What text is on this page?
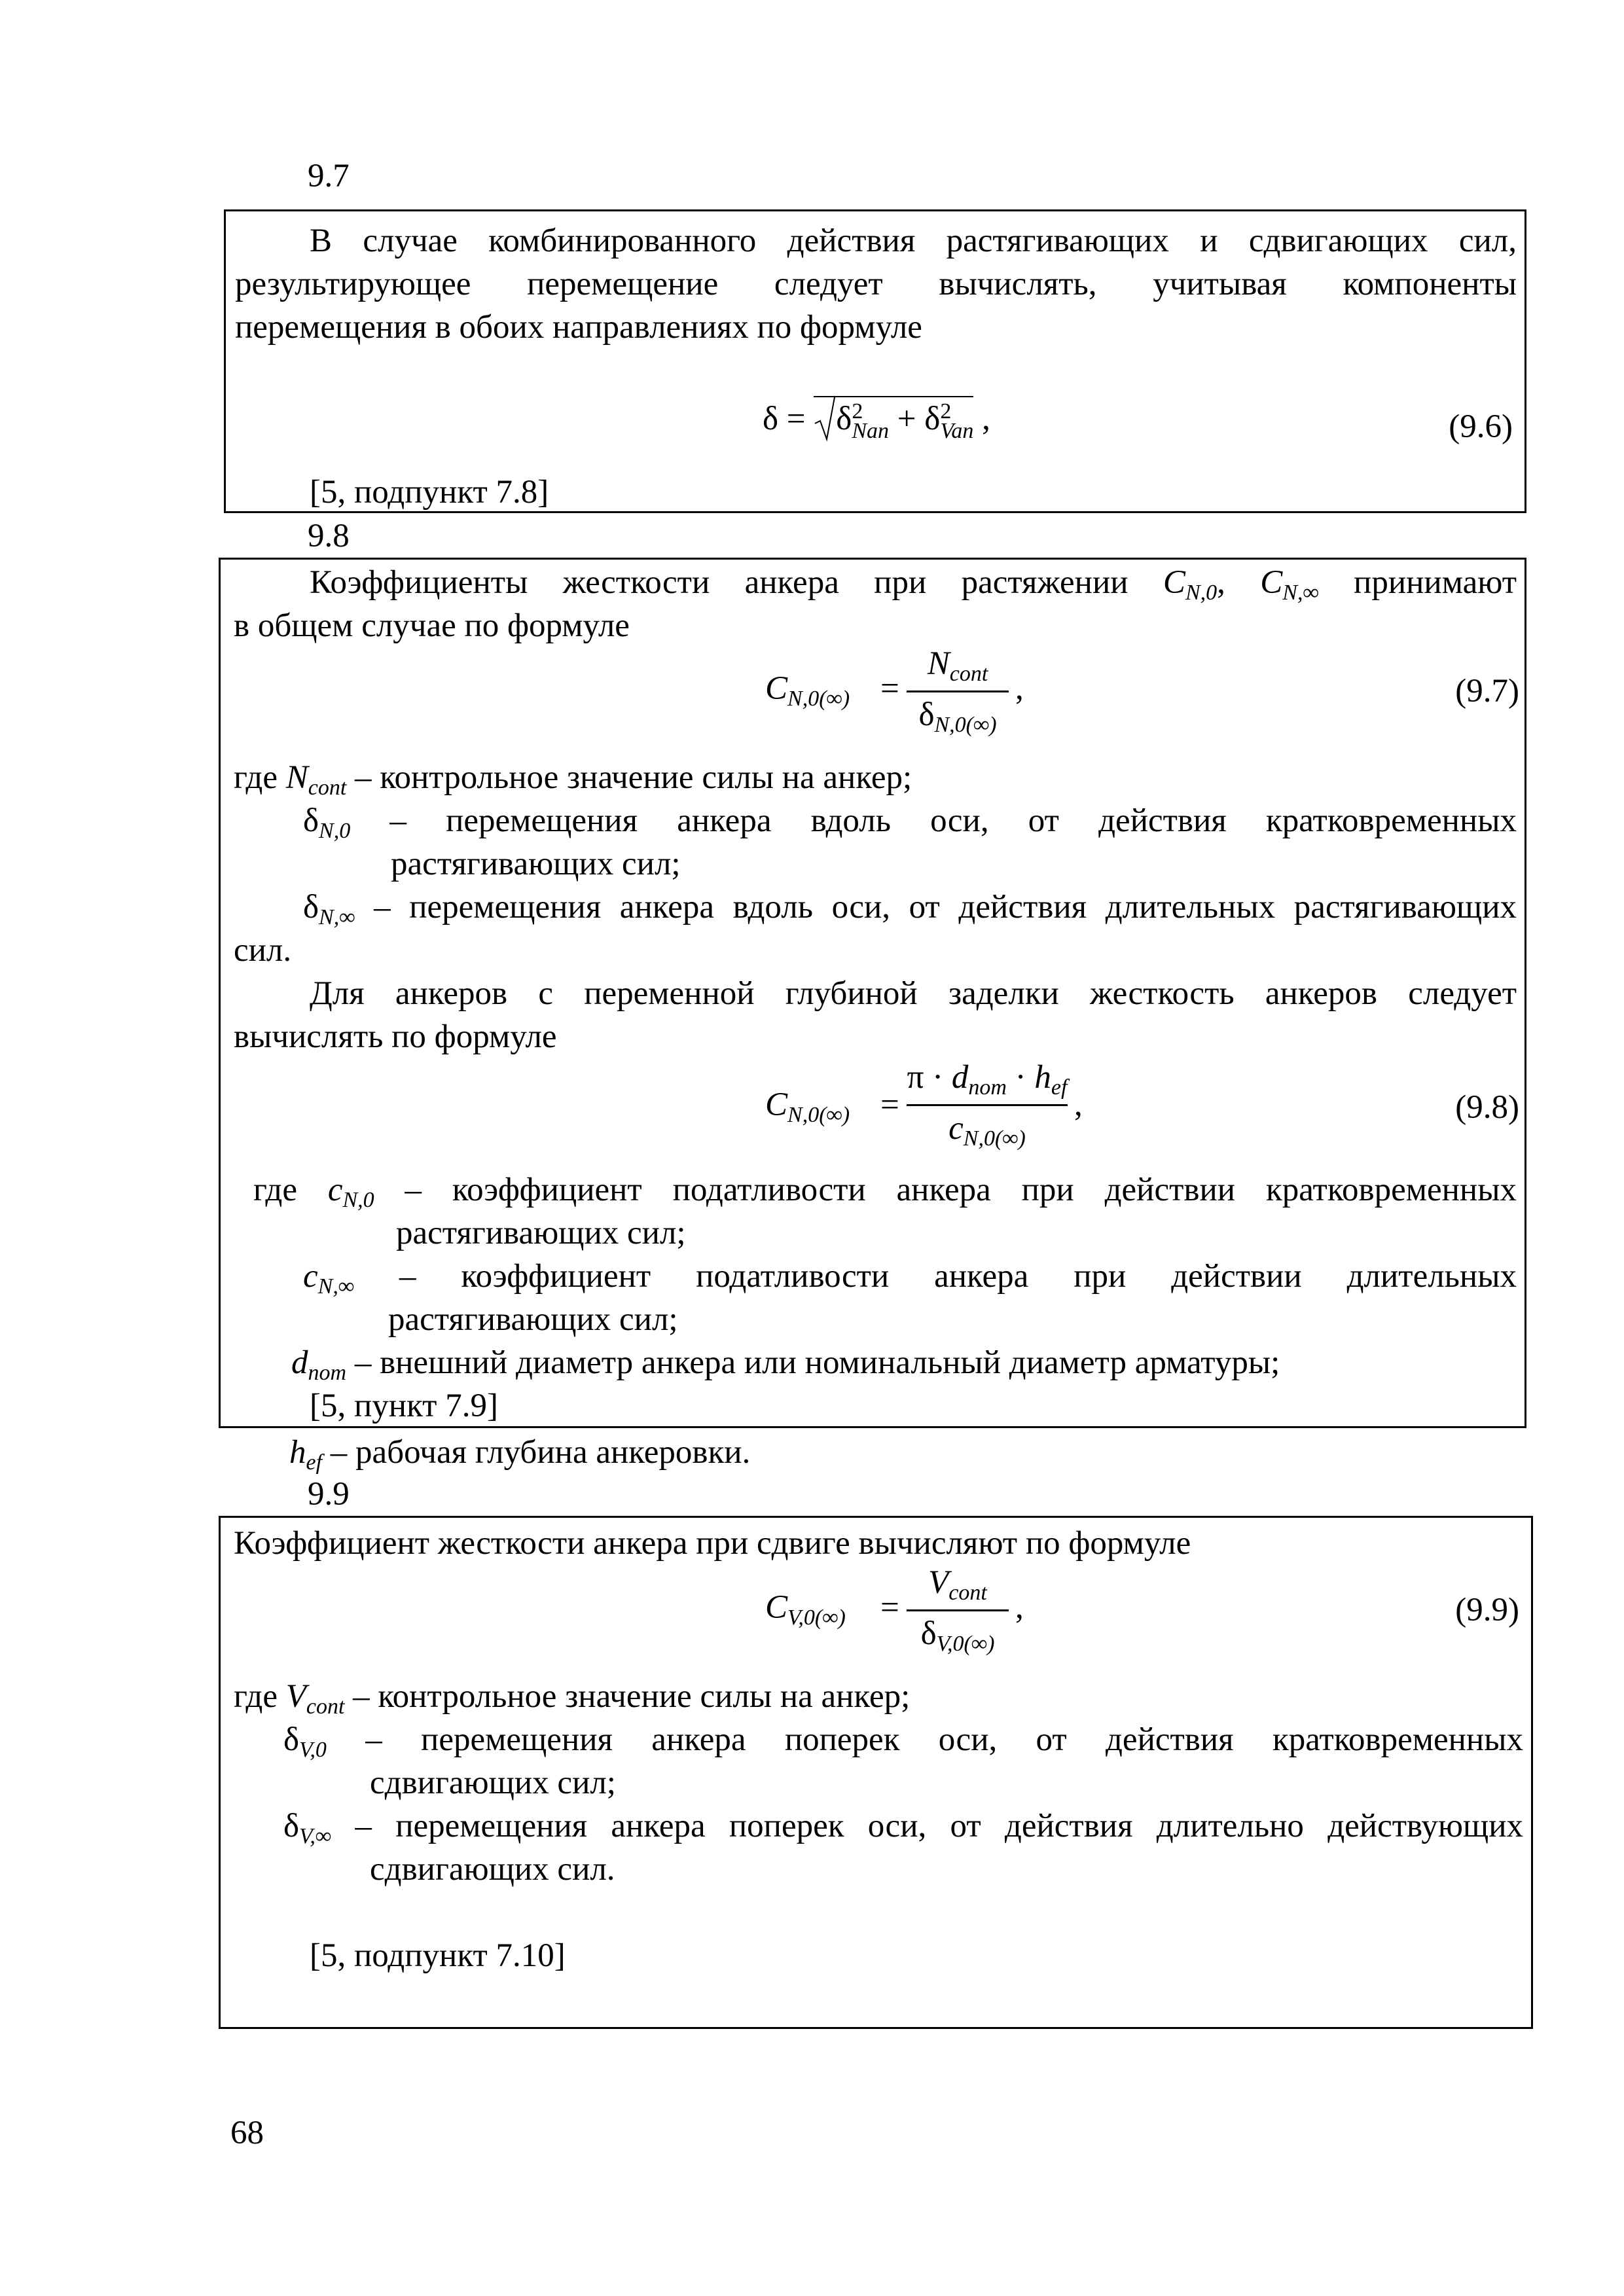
9.7
В случае комбинированного действия растягивающих и сдвигающих сил,
результирующее перемещение следует вычислять, учитывая компоненты
перемещения в обоих направлениях по формуле
δ =
δ 2
Nan + δ 2
Van ,	(9.6)
[5, подпункт 7.8]
9.8
Коэффициенты жесткости анкера при растяжении $C_{N,0}$, $C_{N,\infty}$ принимают
в общем случае по формуле
$C_{N,0(\infty)}$ =
$N_{cont}$
$\delta_{N,0(\infty)}$
,	(9.7)
где $N_{cont}$ – контрольное значение силы на анкер;
$\delta_{N,0}$ – перемещения анкера вдоль оси, от действия кратковременных
растягивающих сил;
$\delta_{N,\infty}$ – перемещения анкера вдоль оси, от действия длительных растягивающих
сил.
Для анкеров с переменной глубиной заделки жесткость анкеров следует
вычислять по формуле
$C_{N,0(\infty)}$ =
$\pi \cdot d_{nom} \cdot h_{ef}$
$c_{N,0(\infty)}$
,	(9.8)
где $c_{N,0}$ – коэффициент податливости анкера при действии кратковременных
растягивающих сил;
$c_{N,\infty}$ – коэффициент податливости анкера при действии длительных
растягивающих сил;
$d_{nom}$ – внешний диаметр анкера или номинальный диаметр арматуры;
[5, пункт 7.9]
$h_{ef}$ – рабочая глубина анкеровки.
9.9
Коэффициент жесткости анкера при сдвиге вычисляют по формуле
$C_{V,0(\infty)}$ =
$V_{cont}$
$\delta_{V,0(\infty)}$
,	(9.9)
где $V_{cont}$ – контрольное значение силы на анкер;
$\delta_{V,0}$ – перемещения анкера поперек оси, от действия кратковременных
сдвигающих сил;
$\delta_{V,\infty}$ – перемещения анкера поперек оси, от действия длительно действующих
сдвигающих сил.
[5, подпункт 7.10]
68
